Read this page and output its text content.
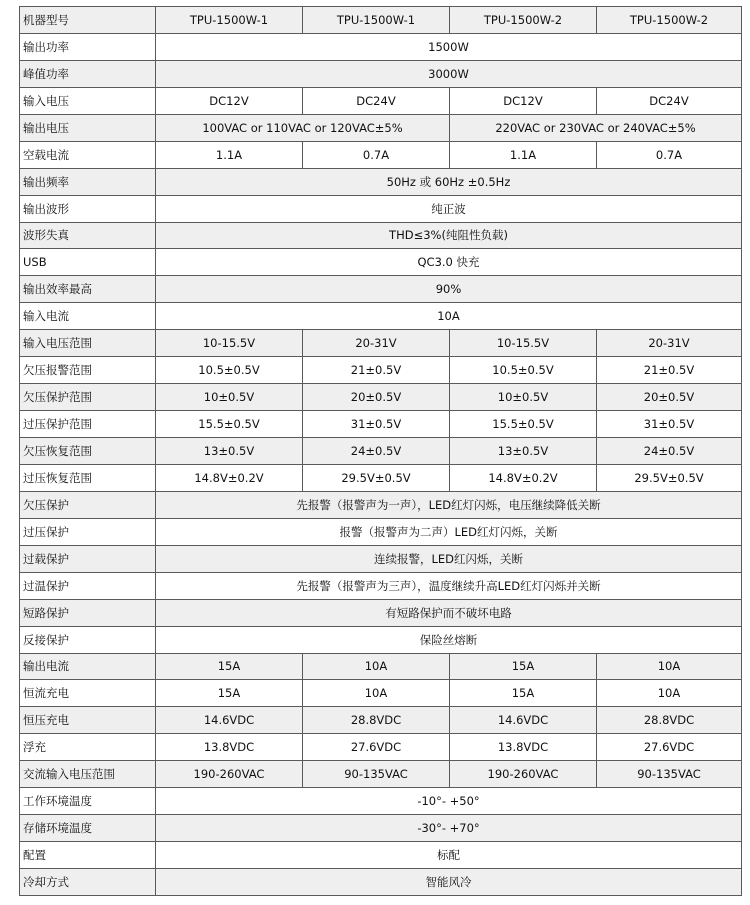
机器型号	TPU-1500W-1	TPU-1500W-1	TPU-1500W-2	TPU-1500W-2
输出功率	1500W			
峰值功率	3000W			
输入电压	DC12V	DC24V	DC12V	DC24V
输出电压	100VAC or 110VAC or 120VAC±5%		220VAC or 230VAC or 240VAC±5%	
空载电流	1.1A	0.7A	1.1A	0.7A
输出频率	50Hz 或 60Hz ±0.5Hz			
输出波形	纯正波			
波形失真	THD≤3%(纯阻性负载)			
USB	QC3.0 快充			
输出效率最高	90%			
输入电流	10A			
输入电压范围	10-15.5V	20-31V	10-15.5V	20-31V
欠压报警范围	10.5±0.5V	21±0.5V	10.5±0.5V	21±0.5V
欠压保护范围	10±0.5V	20±0.5V	10±0.5V	20±0.5V
过压保护范围	15.5±0.5V	31±0.5V	15.5±0.5V	31±0.5V
欠压恢复范围	13±0.5V	24±0.5V	13±0.5V	24±0.5V
过压恢复范围	14.8V±0.2V	29.5V±0.5V	14.8V±0.2V	29.5V±0.5V
欠压保护	先报警（报警声为一声），LED红灯闪烁，电压继续降低关断			
过压保护	报警（报警声为二声）LED红灯闪烁，关断			
过载保护	连续报警，LED红闪烁，关断			
过温保护	先报警（报警声为三声），温度继续升高LED红灯闪烁并关断			
短路保护	有短路保护而不破坏电路			
反接保护	保险丝熔断			
输出电流	15A	10A	15A	10A
恒流充电	15A	10A	15A	10A
恒压充电	14.6VDC	28.8VDC	14.6VDC	28.8VDC
浮充	13.8VDC	27.6VDC	13.8VDC	27.6VDC
交流输入电压范围	190-260VAC	90-135VAC	190-260VAC	90-135VAC
工作环境温度	-10°- +50°			
存储环境温度	-30°- +70°			
配置	标配			
冷却方式	智能风冷			
